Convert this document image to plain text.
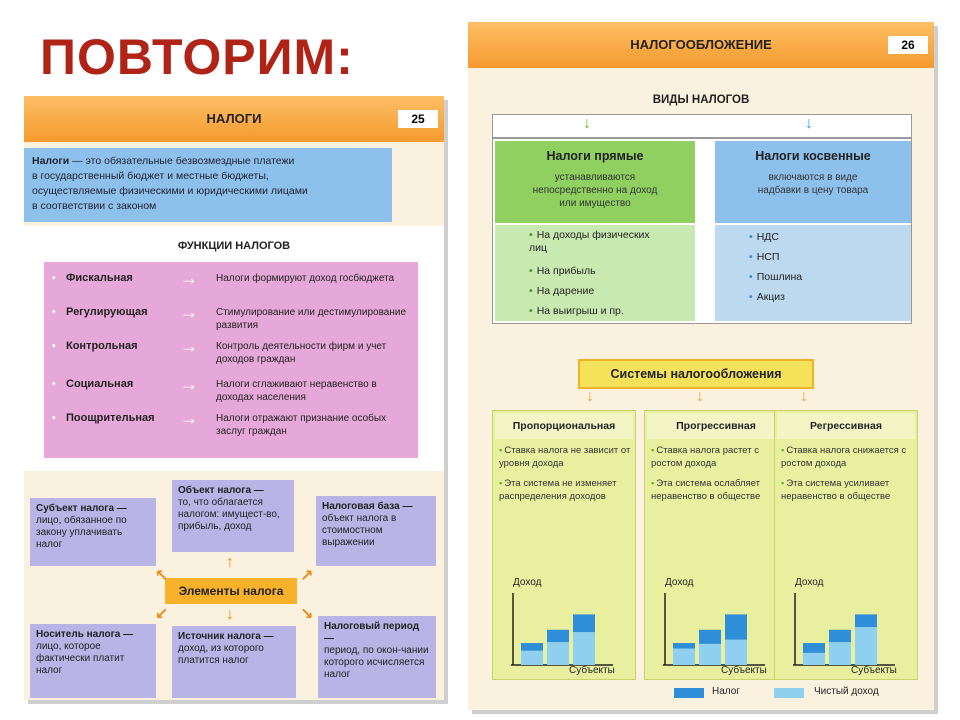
ПОВТОРИМ:
НАЛОГИ	25
Налоги — это обязательные безвозмездные платежи
в государственный бюджет и местные бюджеты,
осуществляемые физическими и юридическими лицами
в соответствии с законом
ФУНКЦИИ НАЛОГОВ
• Фискальная	→ Налоги формируют доход госбюджета
• Регулирующая → Стимулирование или дестимулирование развития
• Контрольная → Контроль деятельности фирм и учет доходов граждан
• Социальная	→ Налоги сглаживают неравенство в доходах населения
• Поощрительная → Налоги отражают признание особых заслуг граждан
Субъект налога —
лицо, обязанное по закону уплачивать налог
Объект налога —
то, что облагается налогом: имущест-во, прибыль, доход
Налоговая база —
объект налога в стоимостном выражении
Носитель налога —
лицо, которое фактически платит налог
Источник налога —
доход, из которого платится налог
Налоговый период —
период, по окон-чании которого исчисляется налог
Элементы налога
↖
↑
↗
↙	↓	↘
НАЛОГООБЛОЖЕНИЕ	26
ВИДЫ НАЛОГОВ
↓	↓
Налоги прямые
устанавливаются
непосредственно на доход
или имущество
Налоги косвенные
включаются в виде
надбавки в цену товара
• На доходы физических лиц
• На прибыль
• На дарение
• На выигрыш и пр.
• НДС
• НСП
• Пошлина
• Акциз
Системы налогообложения
↓	↓	↓
Пропорциональная
• Ставка налога не зависит от уровня дохода
• Эта система не изменяет распределения доходов
Доход
Субъекты
Прогрессивная
• Ставка налога растет с ростом дохода
• Эта система ослабляет неравенство в обществе
Доход
Субъекты
Регрессивная
• Ставка налога снижается с ростом дохода
• Эта система усиливает неравенство в обществе
Доход
Субъекты
Налог	Чистый доход
